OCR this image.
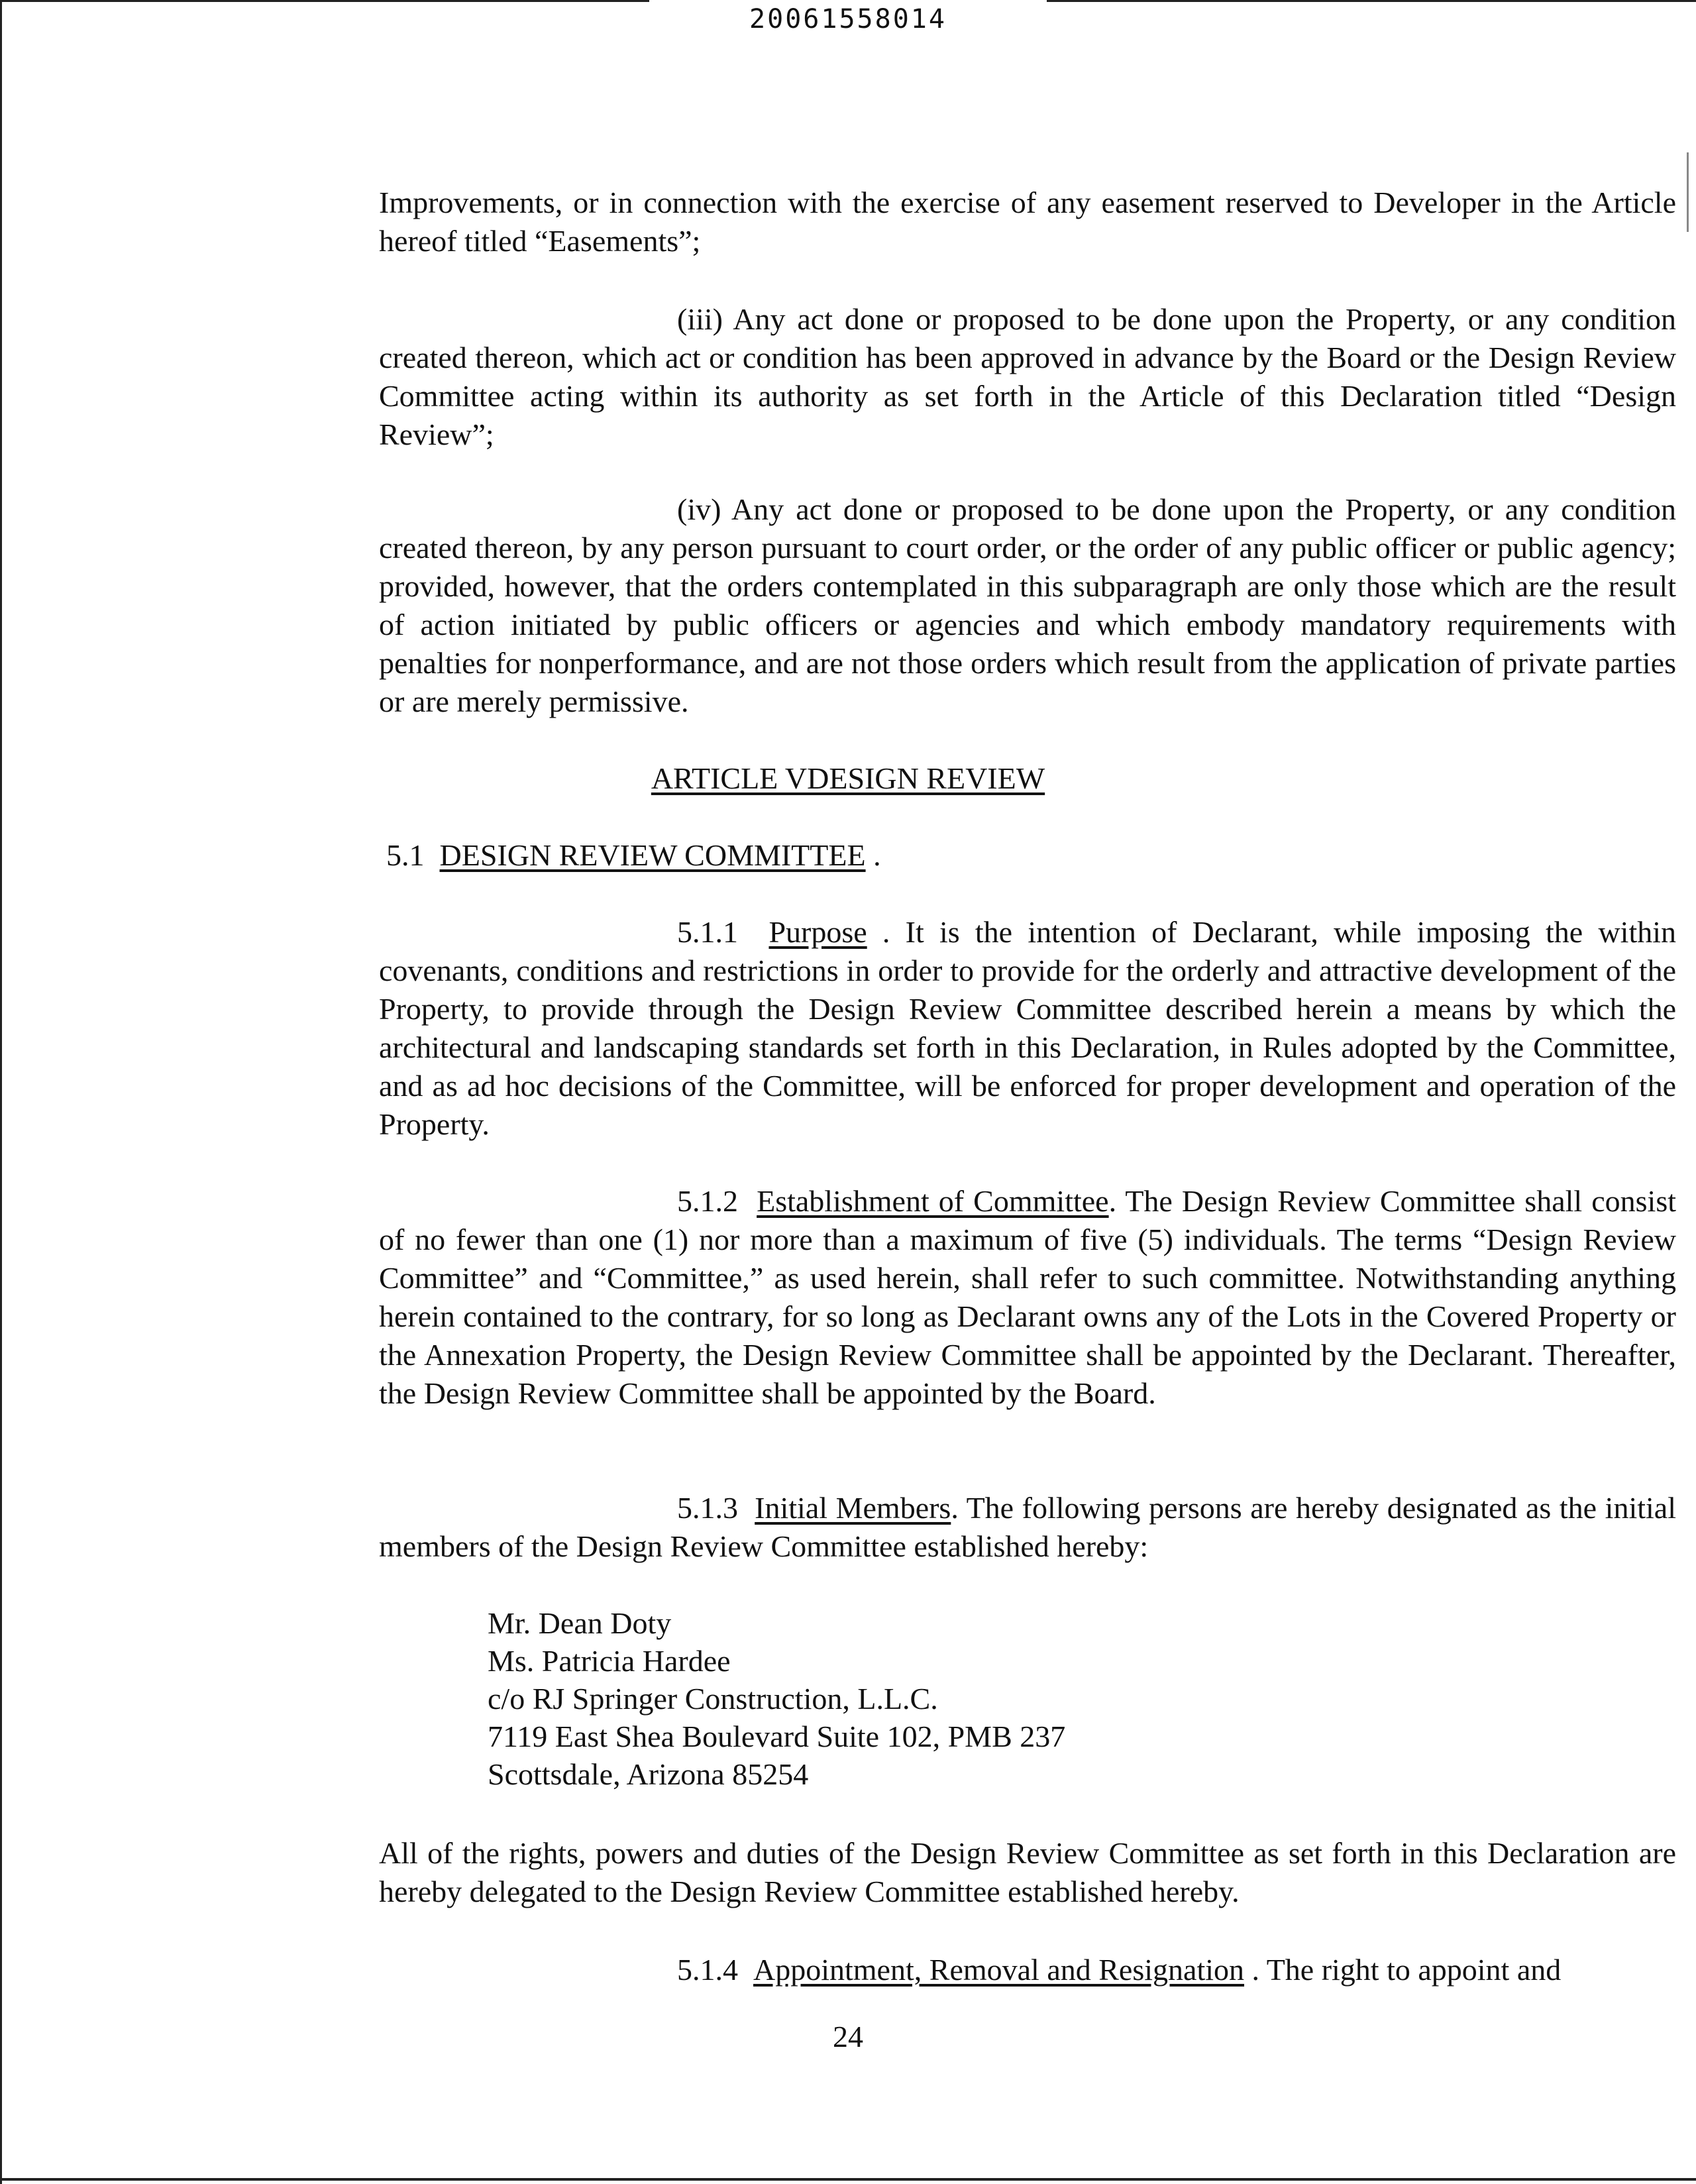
20061558014

Improvements, or in connection with the exercise of any easement reserved to Developer in the Article hereof titled “Easements”;

(iii) Any act done or proposed to be done upon the Property, or any condition created thereon, which act or condition has been approved in advance by the Board or the Design Review Committee acting within its authority as set forth in the Article of this Declaration titled “Design Review”;

(iv) Any act done or proposed to be done upon the Property, or any condition created thereon, by any person pursuant to court order, or the order of any public officer or public agency; provided, however, that the orders contemplated in this subparagraph are only those which are the result of action initiated by public officers or agencies and which embody mandatory requirements with penalties for nonperformance, and are not those orders which result from the application of private parties or are merely permissive.

ARTICLE VDESIGN REVIEW
5.1 DESIGN REVIEW COMMITTEE .

5.1.1 Purpose . It is the intention of Declarant, while imposing the within covenants, conditions and restrictions in order to provide for the orderly and attractive development of the Property, to provide through the Design Review Committee described herein a means by which the architectural and landscaping standards set forth in this Declaration, in Rules adopted by the Committee, and as ad hoc decisions of the Committee, will be enforced for proper development and operation of the Property.

5.1.2 Establishment of Committee. The Design Review Committee shall consist of no fewer than one (1) nor more than a maximum of five (5) individuals. The terms “Design Review Committee” and “Committee,” as used herein, shall refer to such committee. Notwithstanding anything herein contained to the contrary, for so long as Declarant owns any of the Lots in the Covered Property or the Annexation Property, the Design Review Committee shall be appointed by the Declarant. Thereafter, the Design Review Committee shall be appointed by the Board.

5.1.3 Initial Members. The following persons are hereby designated as the initial members of the Design Review Committee established hereby:

Mr. Dean Doty
Ms. Patricia Hardee
c/o RJ Springer Construction, L.L.C.
7119 East Shea Boulevard Suite 102, PMB 237
Scottsdale, Arizona 85254

All of the rights, powers and duties of the Design Review Committee as set forth in this Declaration are hereby delegated to the Design Review Committee established hereby.

5.1.4 Appointment, Removal and Resignation . The right to appoint and

24
